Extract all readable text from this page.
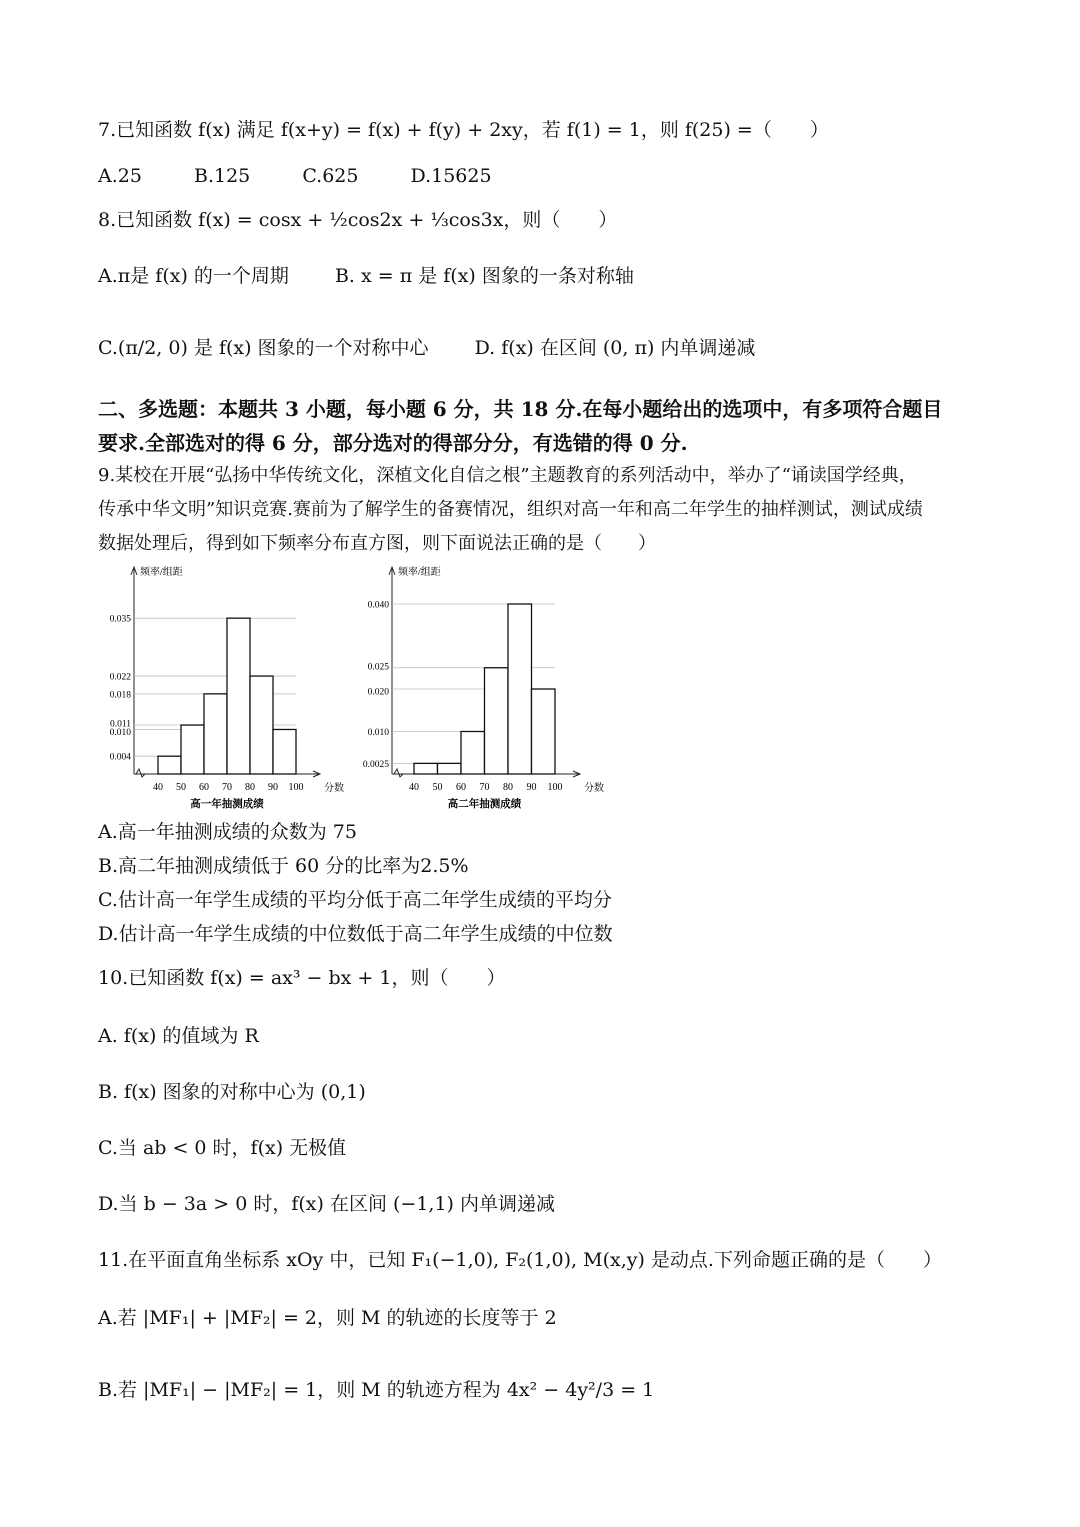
7.已知函数 f(x) 满足 f(x+y) = f(x) + f(y) + 2xy，若 f(1) = 1，则 f(25) =（　　）
A.25	B.125	C.625	D.15625
8.已知函数 f(x) = cosx + ½cos2x + ⅓cos3x，则（　　）
A.π是 f(x) 的一个周期 B. x = π 是 f(x) 图象的一条对称轴
C.(π/2, 0) 是 f(x) 图象的一个对称中心 D. f(x) 在区间 (0, π) 内单调递减
二、多选题：本题共 3 小题，每小题 6 分，共 18 分.在每小题给出的选项中，有多项符合题目
要求.全部选对的得 6 分，部分选对的得部分分，有选错的得 0 分.
9.某校在开展“弘扬中华传统文化，深植文化自信之根”主题教育的系列活动中，举办了“诵读国学经典，
传承中华文明”知识竞赛.赛前为了解学生的备赛情况，组织对高一年和高二年学生的抽样测试，测试成绩
数据处理后，得到如下频率分布直方图，则下面说法正确的是（　　）
频率/组距
0.004
0.010
0.011
0.018
0.022
0.035
40 50 60 70 80 90 100 分数
高一年抽测成绩
频率/组距
0.0025
0.010
0.020
0.025
0.040
40 50 60 70 80 90 100 分数
高二年抽测成绩
A.高一年抽测成绩的众数为 75
B.高二年抽测成绩低于 60 分的比率为2.5%
C.估计高一年学生成绩的平均分低于高二年学生成绩的平均分
D.估计高一年学生成绩的中位数低于高二年学生成绩的中位数
10.已知函数 f(x) = ax³ − bx + 1，则（　　）
A. f(x) 的值域为 R
B. f(x) 图象的对称中心为 (0,1)
C.当 ab < 0 时，f(x) 无极值
D.当 b − 3a > 0 时，f(x) 在区间 (−1,1) 内单调递减
11.在平面直角坐标系 xOy 中，已知 F₁(−1,0), F₂(1,0), M(x,y) 是动点.下列命题正确的是（　　）
A.若 |MF₁| + |MF₂| = 2，则 M 的轨迹的长度等于 2
B.若 |MF₁| − |MF₂| = 1，则 M 的轨迹方程为 4x² − 4y²/3 = 1
